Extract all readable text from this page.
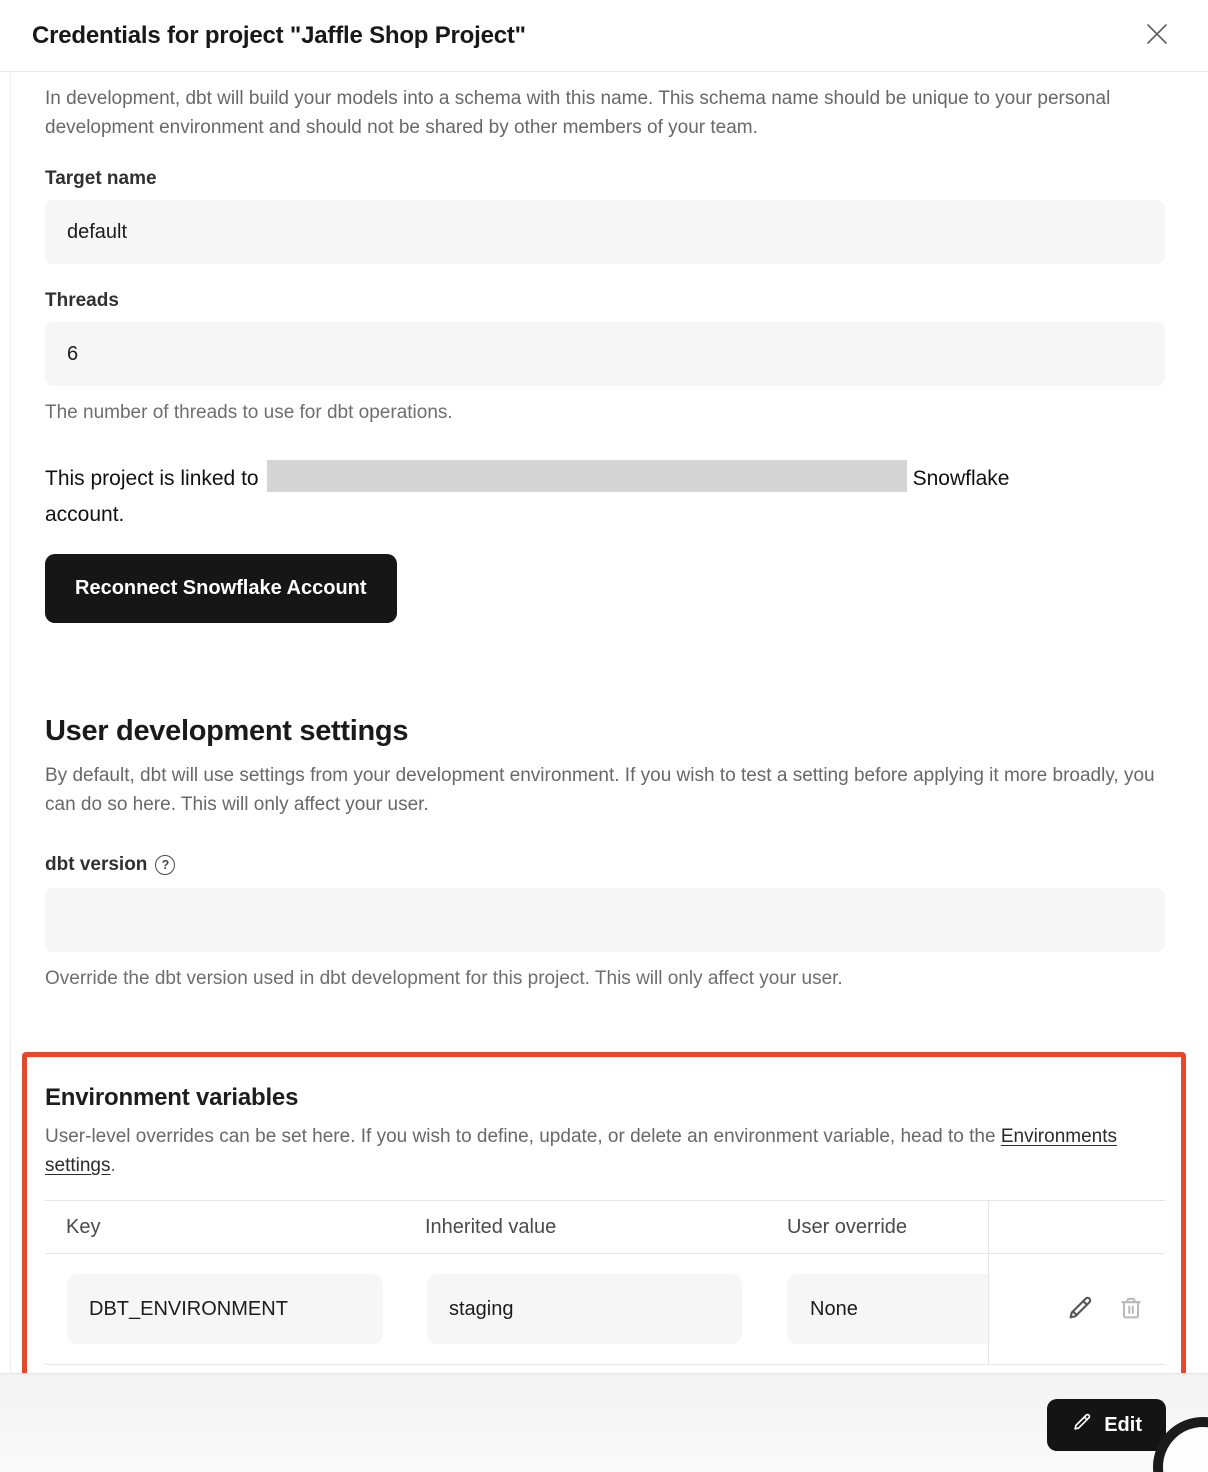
Credentials for project "Jaffle Shop Project"

In development, dbt will build your models into a schema with this name. This schema name should be unique to your personal development environment and should not be shared by other members of your team.

Target name
default
Threads
6
The number of threads to use for dbt operations.
This project is linked to	Snowflake
account.
Reconnect Snowflake Account
User development settings

By default, dbt will use settings from your development environment. If you wish to test a setting before applying it more broadly, you can do so here. This will only affect your user.

dbt version	?
Override the dbt version used in dbt development for this project. This will only affect your user.
Environment variables

User-level overrides can be set here. If you wish to define, update, or delete an environment variable, head to the Environments settings.

Key	Inherited value	User override
DBT_ENVIRONMENT	staging	None
Edit
